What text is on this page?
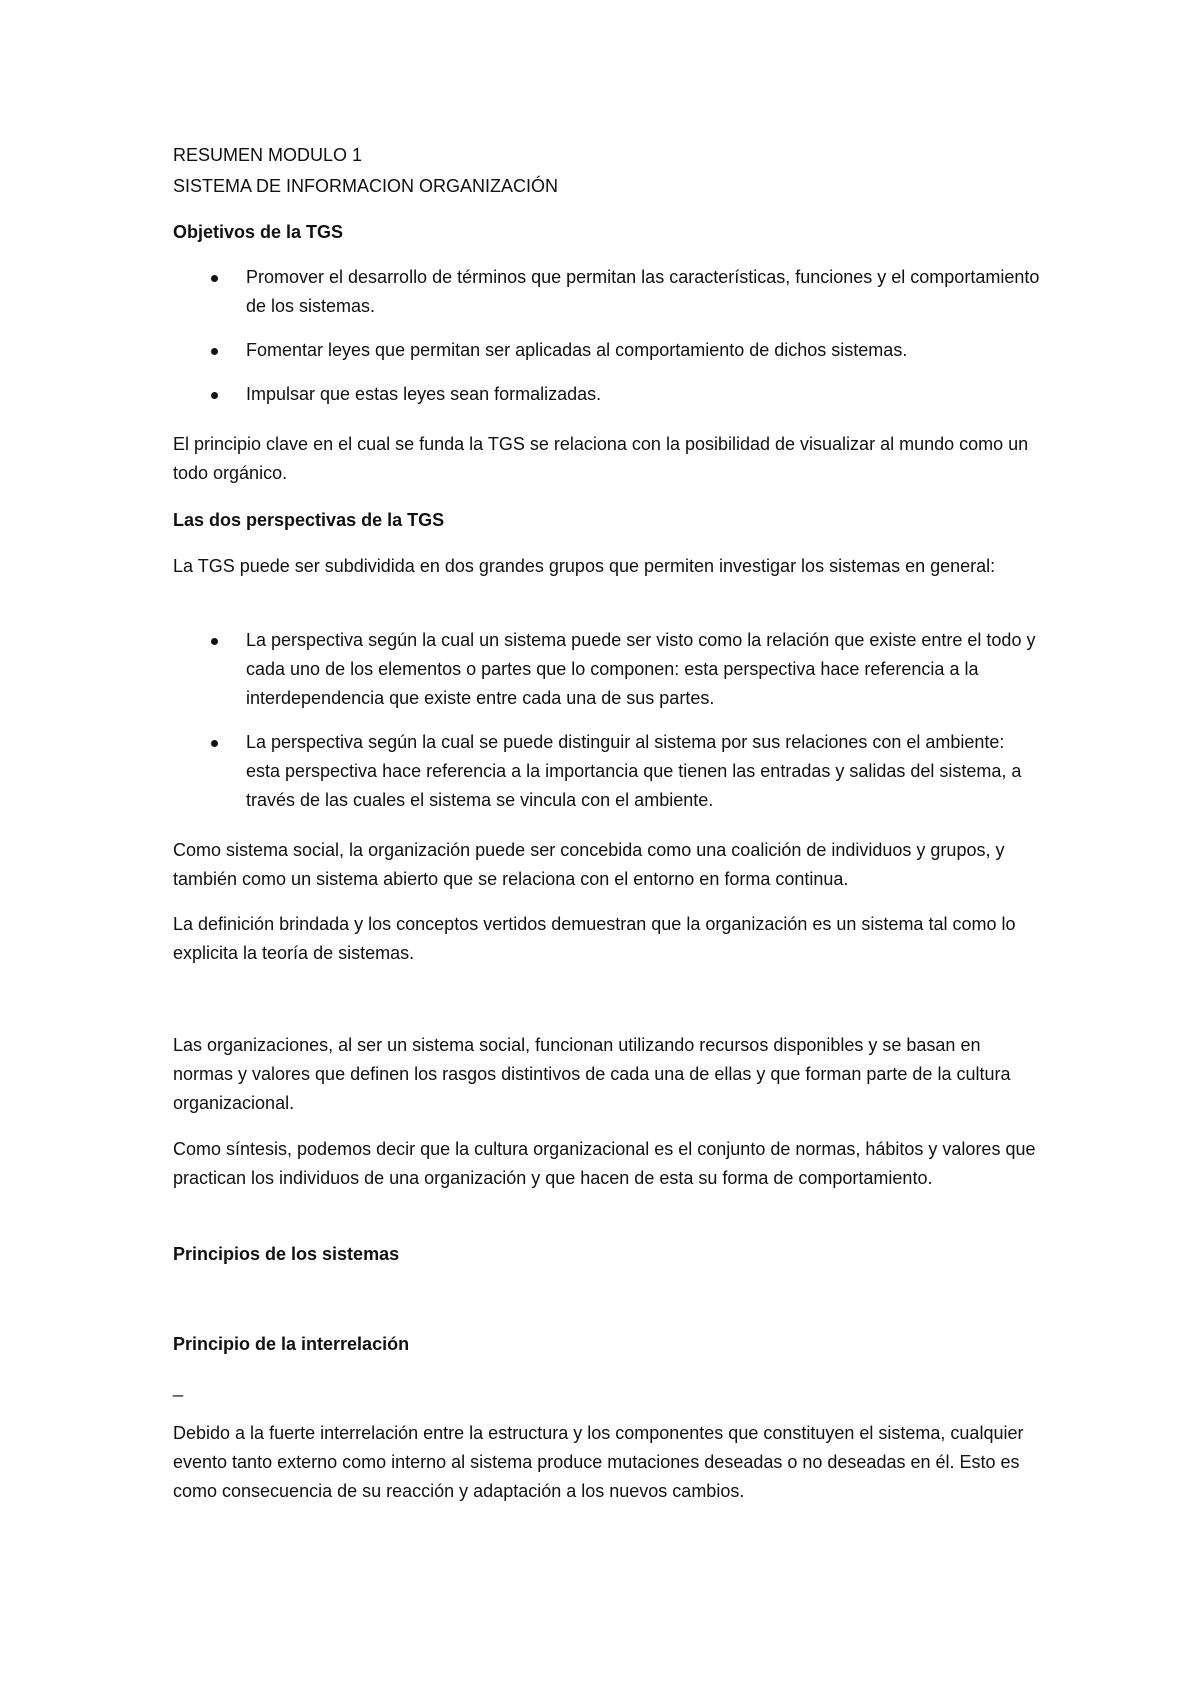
RESUMEN MODULO 1

SISTEMA DE INFORMACION ORGANIZACIÓN

Objetivos de la TGS

Promover el desarrollo de términos que permitan las características, funciones y el comportamiento de los sistemas.
Fomentar leyes que permitan ser aplicadas al comportamiento de dichos sistemas.
Impulsar que estas leyes sean formalizadas.

El principio clave en el cual se funda la TGS se relaciona con la posibilidad de visualizar al mundo como un todo orgánico.

Las dos perspectivas de la TGS

La TGS puede ser subdividida en dos grandes grupos que permiten investigar los sistemas en general:

La perspectiva según la cual un sistema puede ser visto como la relación que existe entre el todo y cada uno de los elementos o partes que lo componen: esta perspectiva hace referencia a la interdependencia que existe entre cada una de sus partes.
La perspectiva según la cual se puede distinguir al sistema por sus relaciones con el ambiente: esta perspectiva hace referencia a la importancia que tienen las entradas y salidas del sistema, a través de las cuales el sistema se vincula con el ambiente.

Como sistema social, la organización puede ser concebida como una coalición de individuos y grupos, y también como un sistema abierto que se relaciona con el entorno en forma continua.

La definición brindada y los conceptos vertidos demuestran que la organización es un sistema tal como lo explicita la teoría de sistemas.

Las organizaciones, al ser un sistema social, funcionan utilizando recursos disponibles y se basan en normas y valores que definen los rasgos distintivos de cada una de ellas y que forman parte de la cultura organizacional.

Como síntesis, podemos decir que la cultura organizacional es el conjunto de normas, hábitos y valores que practican los individuos de una organización y que hacen de esta su forma de comportamiento.

Principios de los sistemas

Principio de la interrelación

_

Debido a la fuerte interrelación entre la estructura y los componentes que constituyen el sistema, cualquier evento tanto externo como interno al sistema produce mutaciones deseadas o no deseadas en él. Esto es como consecuencia de su reacción y adaptación a los nuevos cambios.
